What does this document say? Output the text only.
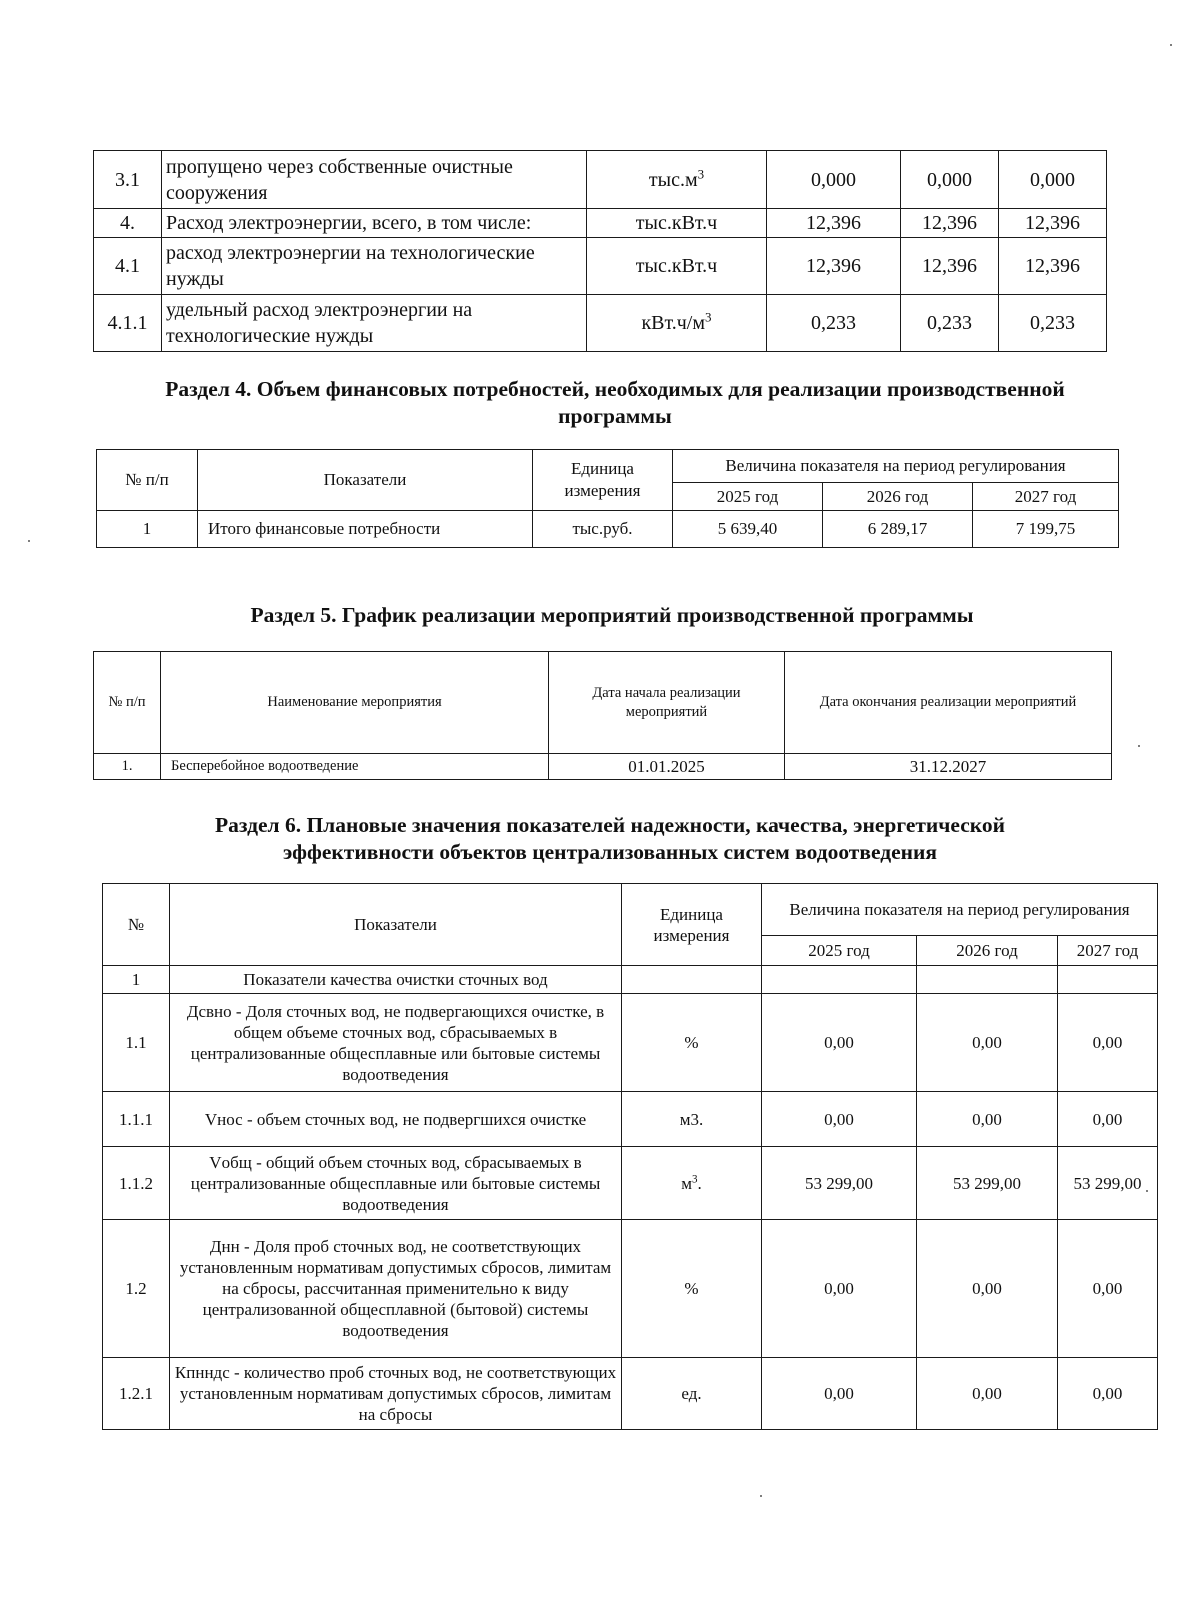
3.1	пропущено через собственные очистные сооружения	$тыс.м^3$	0,000	0,000	0,000
4.	Расход электроэнергии, всего, в том числе:	тыс.кВт.ч	12,396	12,396	12,396
4.1	расход электроэнергии на технологические нужды	тыс.кВт.ч	12,396	12,396	12,396
4.1.1	удельный расход электроэнергии на технологические нужды	$кВт.ч/м^3$	0,233	0,233	0,233
Раздел 4. Объем финансовых потребностей, необходимых для реализации производственной программы
№ п/п	Показатели	Единица измерения	Величина показателя на период регулирования		
			2025 год	2026 год	2027 год
1	Итого финансовые потребности	тыс.руб.	5 639,40	6 289,17	7 199,75
Раздел 5. График реализации мероприятий производственной программы
№ п/п	Наименование мероприятия	Дата начала реализации мероприятий	Дата окончания реализации мероприятий
1.	Бесперебойное водоотведение	01.01.2025	31.12.2027
Раздел 6. Плановые значения показателей надежности, качества, энергетической эффективности объектов централизованных систем водоотведения
№	Показатели	Единица измерения	Величина показателя на период регулирования		
			2025 год	2026 год	2027 год
1	Показатели качества очистки сточных вод				
1.1	Дсвно - Доля сточных вод, не подвергающихся очистке, в общем объеме сточных вод, сбрасываемых в централизованные общесплавные или бытовые системы водоотведения	%	0,00	0,00	0,00
1.1.1	Vнос - объем сточных вод, не подвергшихся очистке	м3.	0,00	0,00	0,00
1.1.2	Vобщ - общий объем сточных вод, сбрасываемых в централизованные общесплавные или бытовые системы водоотведения	$м^3$.	53 299,00	53 299,00	53 299,00
1.2	Днн - Доля проб сточных вод, не соответствующих установленным нормативам допустимых сбросов, лимитам на сбросы, рассчитанная применительно к виду централизованной общесплавной (бытовой) системы водоотведения	%	0,00	0,00	0,00
1.2.1	Кпнндс - количество проб сточных вод, не соответствующих установленным нормативам допустимых сбросов, лимитам на сбросы	ед.	0,00	0,00	0,00
